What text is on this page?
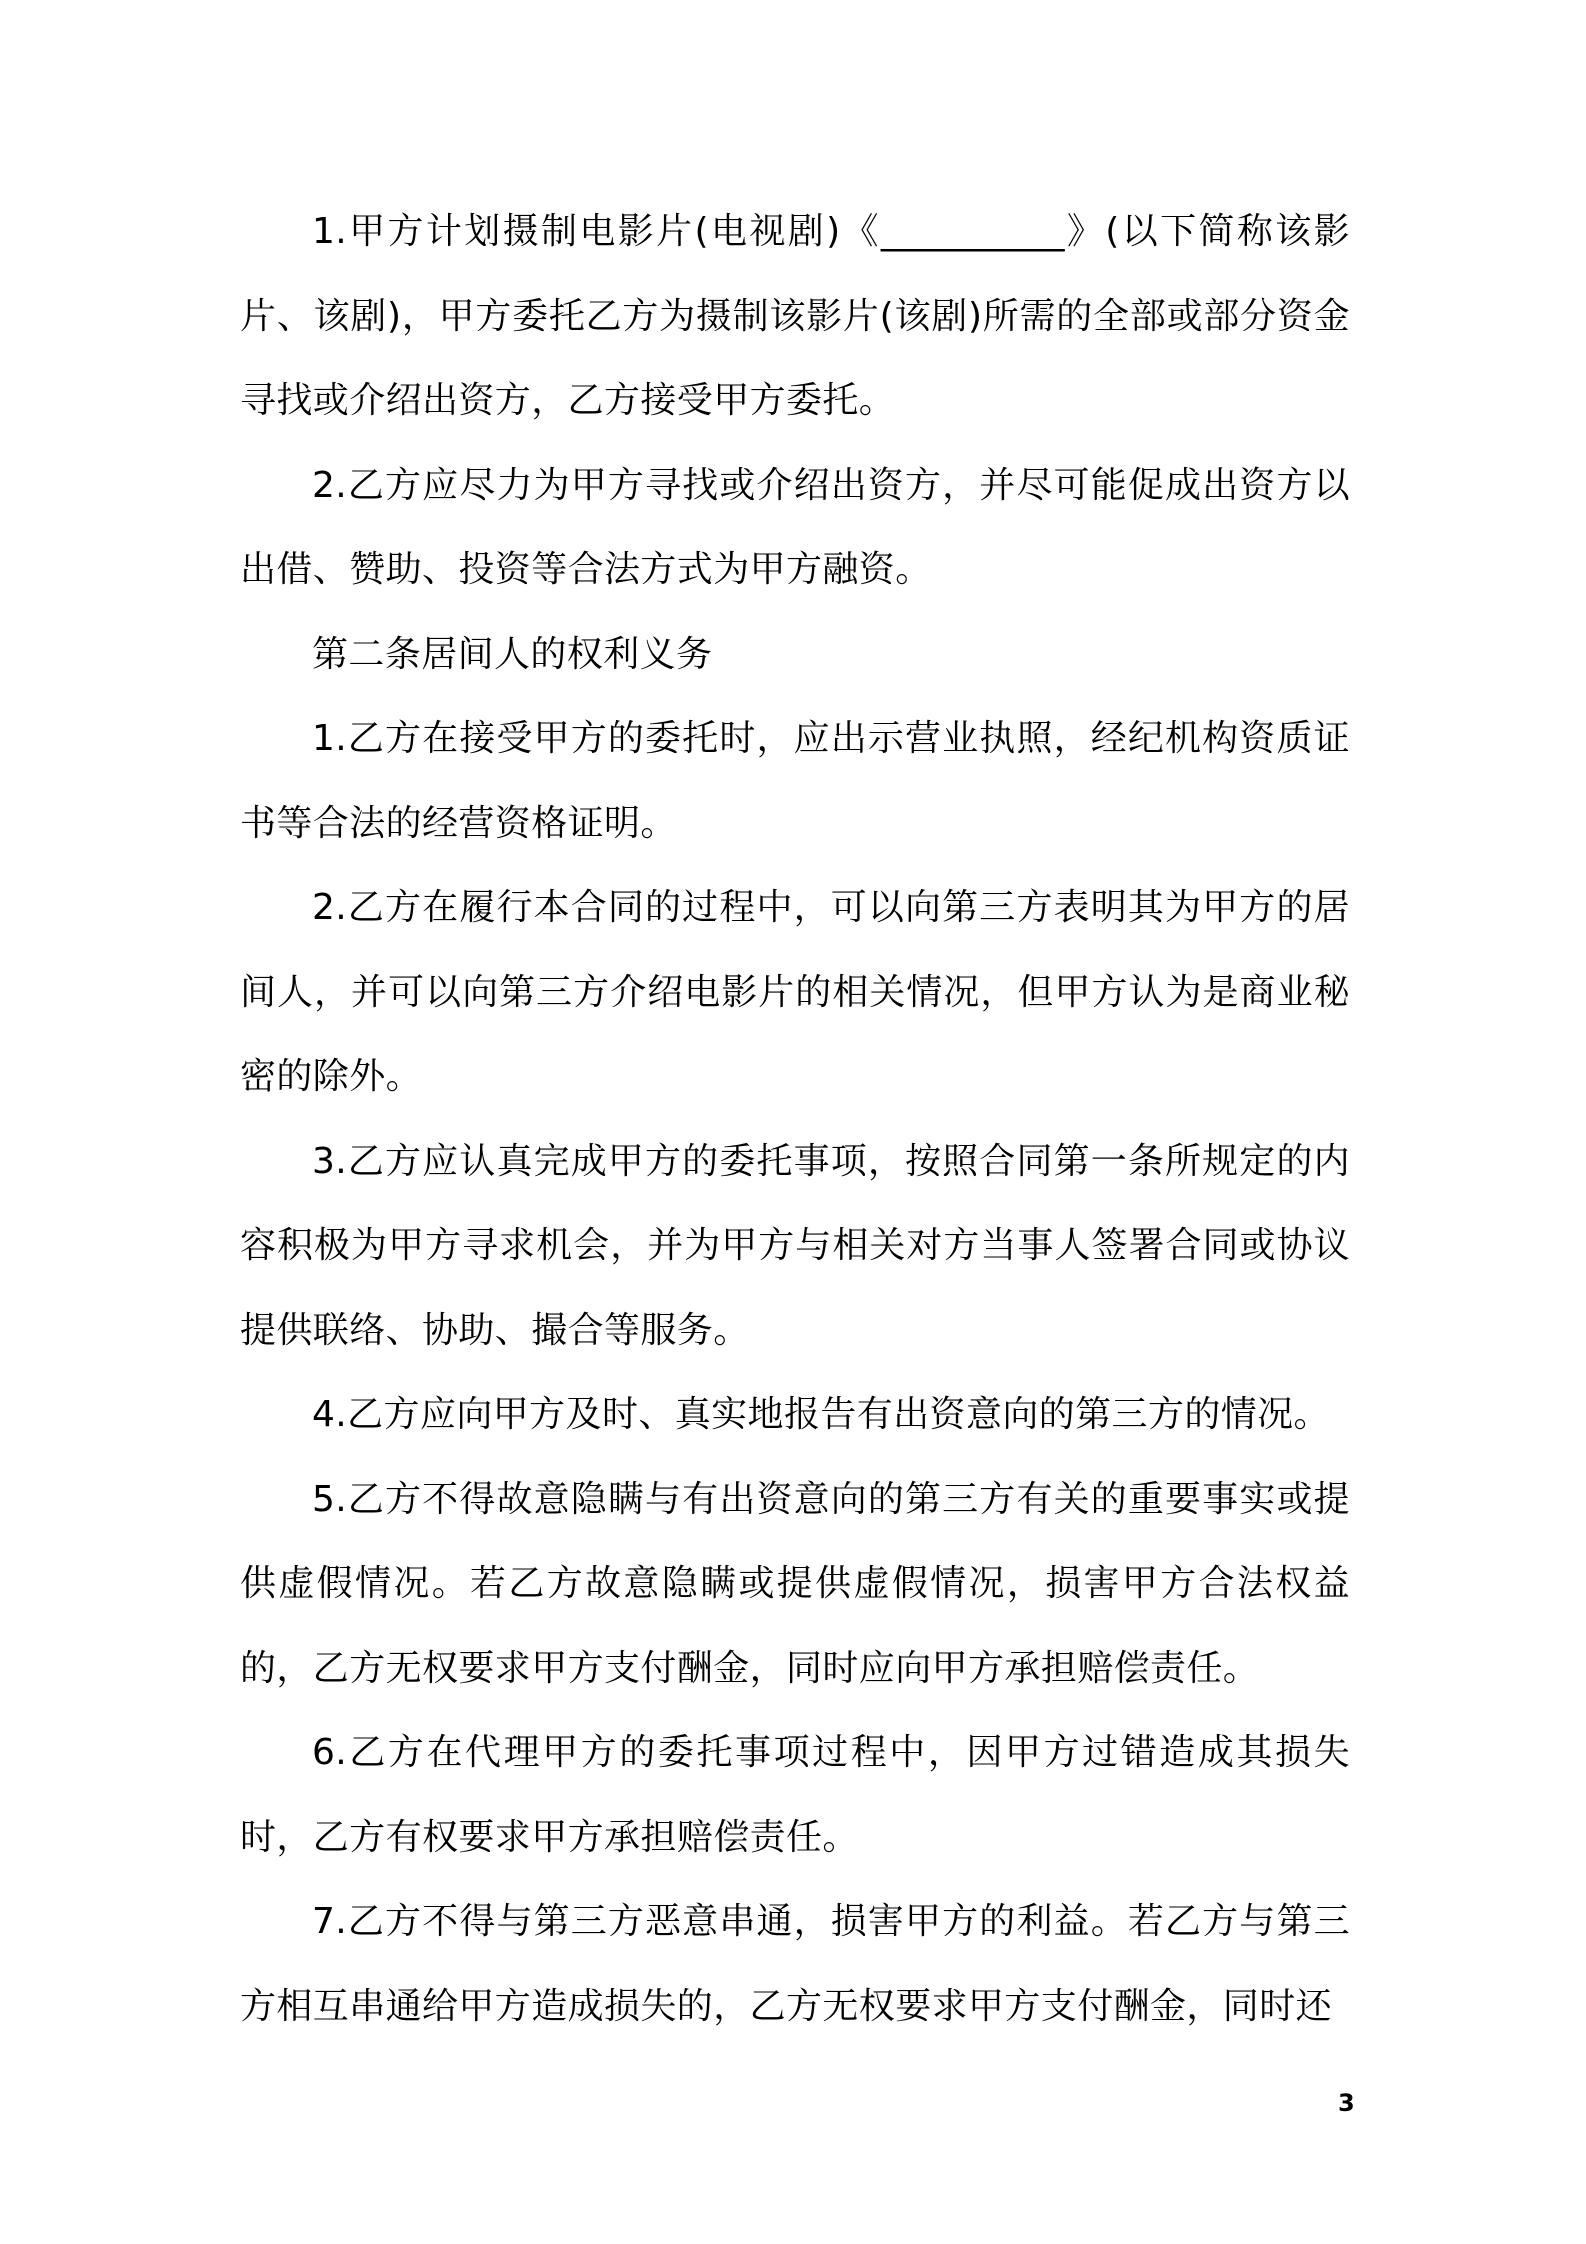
1.甲方计划摄制电影片(电视剧)《__________》(以下简称该影片、该剧)，甲方委托乙方为摄制该影片(该剧)所需的全部或部分资金寻找或介绍出资方，乙方接受甲方委托。

2.乙方应尽力为甲方寻找或介绍出资方，并尽可能促成出资方以出借、赞助、投资等合法方式为甲方融资。

第二条居间人的权利义务

1.乙方在接受甲方的委托时，应出示营业执照，经纪机构资质证书等合法的经营资格证明。

2.乙方在履行本合同的过程中，可以向第三方表明其为甲方的居间人，并可以向第三方介绍电影片的相关情况，但甲方认为是商业秘密的除外。

3.乙方应认真完成甲方的委托事项，按照合同第一条所规定的内容积极为甲方寻求机会，并为甲方与相关对方当事人签署合同或协议提供联络、协助、撮合等服务。

4.乙方应向甲方及时、真实地报告有出资意向的第三方的情况。

5.乙方不得故意隐瞒与有出资意向的第三方有关的重要事实或提供虚假情况。若乙方故意隐瞒或提供虚假情况，损害甲方合法权益的，乙方无权要求甲方支付酬金，同时应向甲方承担赔偿责任。

6.乙方在代理甲方的委托事项过程中，因甲方过错造成其损失时，乙方有权要求甲方承担赔偿责任。

7.乙方不得与第三方恶意串通，损害甲方的利益。若乙方与第三方相互串通给甲方造成损失的，乙方无权要求甲方支付酬金，同时还

3
